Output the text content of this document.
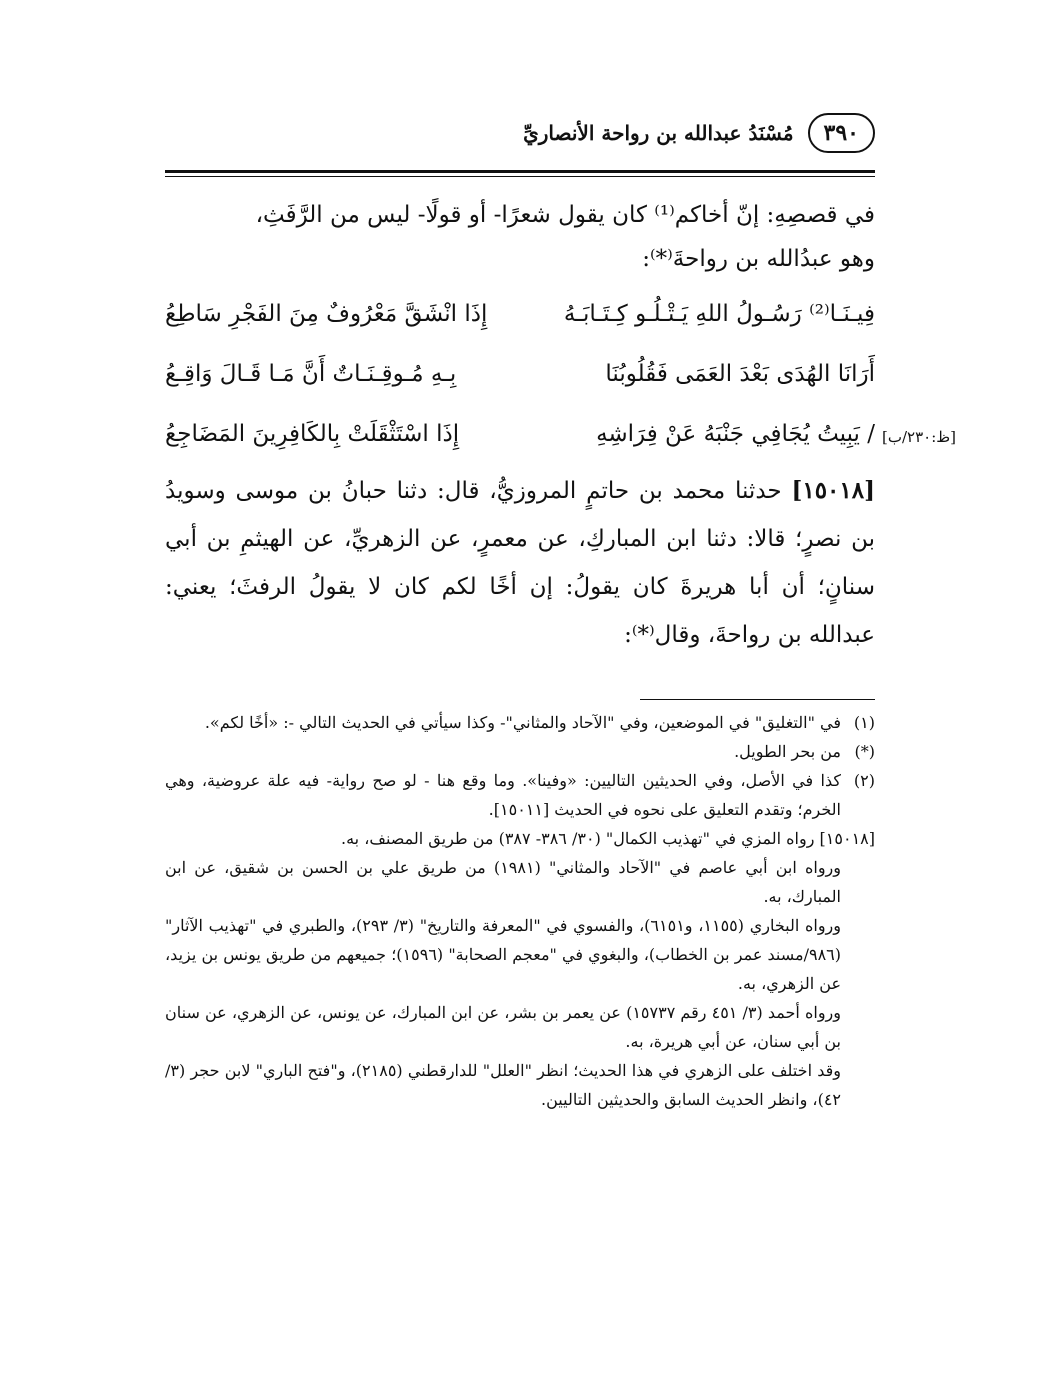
٣٩٠
مُسْنَدُ عبدالله بن رواحة الأنصاريِّ
في قصصِهِ: إنّ أخاكم⁽¹⁾ كان يقول شعرًا- أو قولًا- ليس من الرَّفَثِ،
وهو عبدُالله بن رواحةَ⁽*⁾:
فِيـنَـا⁽²⁾ رَسُـولُ اللهِ يَـتْـلُـو كِـتَـابَـهُ
إِذَا انْشَقَّ مَعْرُوفٌ مِنَ الفَجْرِ سَاطِعُ
أَرَانَا الهُدَى بَعْدَ العَمَى فَقُلُوبُنَا
بِـهِ مُـوقِـنَـاتٌ أَنَّ مَـا قَـالَ وَاقِـعُ
/ يَبِيتُ يُجَافِي جَنْبَهُ عَنْ فِرَاشِهِ
إِذَا اسْتَثْقَلَتْ بِالكَافِرِينَ المَضَاجِعُ
[١٥٠١٨] حدثنا محمد بن حاتمٍ المروزيُّ، قال: دثنا حبانُ بن موسى وسويدُ بن نصرٍ؛ قالا: دثنا ابن المباركِ، عن معمرٍ، عن الزهريِّ، عن الهيثمِ بن أبي سنانٍ؛ أن أبا هريرةَ كان يقولُ: إن أخًا لكم كان لا يقولُ الرفثَ؛ يعني: عبدالله بن رواحةَ، وقال⁽*⁾:
(١)
في "التغليق" في الموضعين، وفي "الآحاد والمثاني"- وكذا سيأتي في الحديث التالي -: «أخًا لكم».
(*)
من بحر الطويل.
(٢)
كذا في الأصل، وفي الحديثين التاليين: «وفينا». وما وقع هنا - لو صح رواية- فيه علة عروضية، وهي الخرم؛ وتقدم التعليق على نحوه في الحديث [١٥٠١١].
[١٥٠١٨] رواه المزي في "تهذيب الكمال" (٣٠/ ٣٨٦- ٣٨٧) من طريق المصنف، به.
ورواه ابن أبي عاصم في "الآحاد والمثاني" (١٩٨١) من طريق علي بن الحسن بن شقيق، عن ابن المبارك، به.
ورواه البخاري (١١٥٥، و٦١٥١)، والفسوي في "المعرفة والتاريخ" (٣/ ٢٩٣)، والطبري في "تهذيب الآثار" (٩٨٦/مسند عمر بن الخطاب)، والبغوي في "معجم الصحابة" (١٥٩٦)؛ جميعهم من طريق يونس بن يزيد، عن الزهري، به.
ورواه أحمد (٣/ ٤٥١ رقم ١٥٧٣٧) عن يعمر بن بشر، عن ابن المبارك، عن يونس، عن الزهري، عن سنان بن أبي سنان، عن أبي هريرة، به.
وقد اختلف على الزهري في هذا الحديث؛ انظر "العلل" للدارقطني (٢١٨٥)، و"فتح الباري" لابن حجر (٣/ ٤٢)، وانظر الحديث السابق والحديثين التاليين.
[ظ:٢٣٠/ب]
